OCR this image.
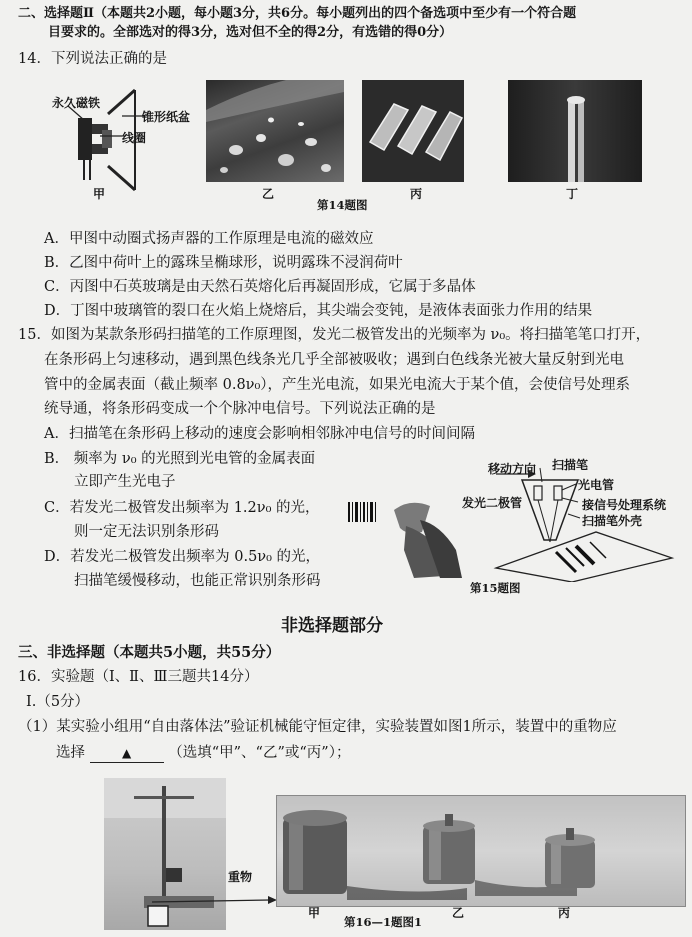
二、选择题Ⅱ（本题共2小题，每小题3分，共6分。每小题列出的四个备选项中至少有一个符合题
目要求的。全部选对的得3分，选对但不全的得2分，有选错的得0分）
14．下列说法正确的是
永久磁铁
锥形纸盆
线圈
甲	乙	丙	丁
第14题图
A．甲图中动圈式扬声器的工作原理是电流的磁效应
B．乙图中荷叶上的露珠呈椭球形，说明露珠不浸润荷叶
C．丙图中石英玻璃是由天然石英熔化后再凝固形成，它属于多晶体
D．丁图中玻璃管的裂口在火焰上烧熔后，其尖端会变钝，是液体表面张力作用的结果
15．如图为某款条形码扫描笔的工作原理图，发光二极管发出的光频率为 ν₀。将扫描笔笔口打开，
在条形码上匀速移动，遇到黑色线条光几乎全部被吸收；遇到白色线条光被大量反射到光电
管中的金属表面（截止频率 0.8ν₀），产生光电流，如果光电流大于某个值，会使信号处理系
统导通，将条形码变成一个个脉冲电信号。下列说法正确的是
A．扫描笔在条形码上移动的速度会影响相邻脉冲电信号的时间间隔
B． 频率为 ν₀ 的光照到光电管的金属表面
立即产生光电子
C．若发光二极管发出频率为 1.2ν₀ 的光，
则一定无法识别条形码
D．若发光二极管发出频率为 0.5ν₀ 的光，
扫描笔缓慢移动，也能正常识别条形码
移动方向 扫描笔
光电管
发光二极管	接信号处理系统
扫描笔外壳
第15题图
非选择题部分
三、非选择题（本题共5小题，共55分）
16．实验题（Ⅰ、Ⅱ、Ⅲ三题共14分）
Ⅰ.（5分）
（1）某实验小组用“自由落体法”验证机械能守恒定律，实验装置如图1所示，装置中的重物应
选择	▲	（选填“甲”、“乙”或“丙”）；
重物
甲	乙	丙
第16—1题图1
